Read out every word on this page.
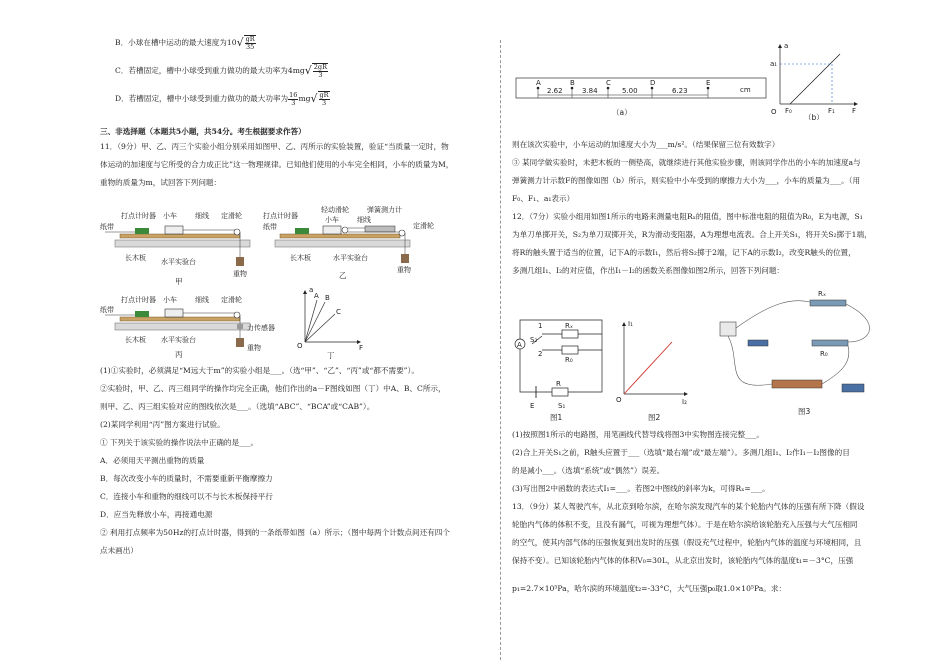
B．小球在槽中运动的最大速度为$10√ \frac{gR}{35}$
C．若槽固定，槽中小球受到重力做功的最大功率为$4mg√ \frac{2gR}{3}$
D．若槽固定，槽中小球受到重力做功的最大功率为 $\frac{16}{3} mg√ \frac{gR}{3}$
三、非选择题（本题共5小题，共54分。考生根据要求作答）
11．（9分）甲、乙、丙三个实验小组分别采用如图甲、乙、丙所示的实验装置，验证“当质量一定时，物
体运动的加速度与它所受的合力成正比”这一物理规律。已知他们使用的小车完全相同，小车的质量为M，
重物的质量为m，试回答下列问题：
打点计时器 小车	细线 定滑轮
纸带
长木板 水平实验台
重物
甲
打点计时器
轻动滑轮	弹簧测力计
小车	细线
定滑轮
纸带
长木板	水平实验台
重物
乙
打点计时器 小车	细线 定滑轮
纸带
力传感器
长木板 水平实验台
重物
丙
a
A B
C
O	F
丁
(1)①实验时，必须满足“M远大于m”的实验小组是___。（选“甲”、“乙”、“丙”或“都不需要”）。
②实验时，甲、乙、丙三组同学的操作均完全正确，他们作出的a－F图线如图（丁）中A、B、C所示，
则甲、乙、丙三组实验对应的图线依次是___。（选填“ABC”、“BCA”或“CAB”）。
(2)某同学利用“丙”图方案进行试验。
① 下列关于该实验的操作说法中正确的是___。
A．必须用天平测出重物的质量
B．每次改变小车的质量时，不需要重新平衡摩擦力
C．连接小车和重物的细线可以不与长木板保持平行
D．应当先释放小车，再接通电源
② 利用打点频率为50Hz的打点计时器，得到的一条纸带如图（a）所示；（图中每两个计数点间还有四个
点未画出）
A	B	C	D	E
2.62	3.84	5.00	6.23	cm
（a）
a
a₁
O F₀	F₁ F
（b）
则在该次实验中，小车运动的加速度大小为___m/s²。（结果保留三位有效数字）
③ 某同学做实验时，未把木板的一侧垫高，就继续进行其他实验步骤，则该同学作出的小车的加速度a与
弹簧测力计示数F的图像如图（b）所示，则实验中小车受到的摩擦力大小为___，小车的质量为___。（用
F₀、F₁、a₁表示）
12．（7分）实验小组用如图1所示的电路来测量电阻Rₓ的阻值，图中标准电阻的阻值为R₀，E为电源，S₁
为单刀单掷开关，S₂为单刀双掷开关，R为滑动变阻器，A为理想电流表。合上开关S₁，将开关S₂掷于1端，
将R的触头置于适当的位置，记下A的示数I₁，然后将S₂掷于2端，记下A的示数I₂，改变R触头的位置，
多测几组I₁、I₂的对应值，作出I₁－I₂的函数关系图像如图2所示，回答下列问题：
A
1
2
S₂
Rₓ
R₀
R
E	S₁
图1
I₁
O	I₂
图2
Rₓ
R₀
图3
(1)按照图1所示的电路图，用笔画线代替导线将图3中实物图连接完整___。
(2)合上开关S₁之前，R触头应置于___（选填“最右端”或“最左端”）。多测几组I₁、I₂作I₁－I₂图像的目
的是减小___。（选填“系统”或“偶然”）误差。
(3)写出图2中函数的表达式I₁=___。若图2中图线的斜率为k，可得Rₓ=___。
13．（9分）某人驾驶汽车，从北京到哈尔滨，在哈尔滨发现汽车的某个轮胎内气体的压强有所下降（假设
轮胎内气体的体积不变，且没有漏气，可视为理想气体）。于是在哈尔滨给该轮胎充入压强与大气压相同
的空气，使其内部气体的压强恢复到出发时的压强（假设充气过程中，轮胎内气体的温度与环境相同，且
保持不变）。已知该轮胎内气体的体积V₀=30L，从北京出发时，该轮胎内气体的温度t₁=－3°C，压强
p₁=2.7×10⁵Pa，哈尔滨的环境温度t₂=-33°C，大气压强p₀取1.0×10⁵Pa。求：
